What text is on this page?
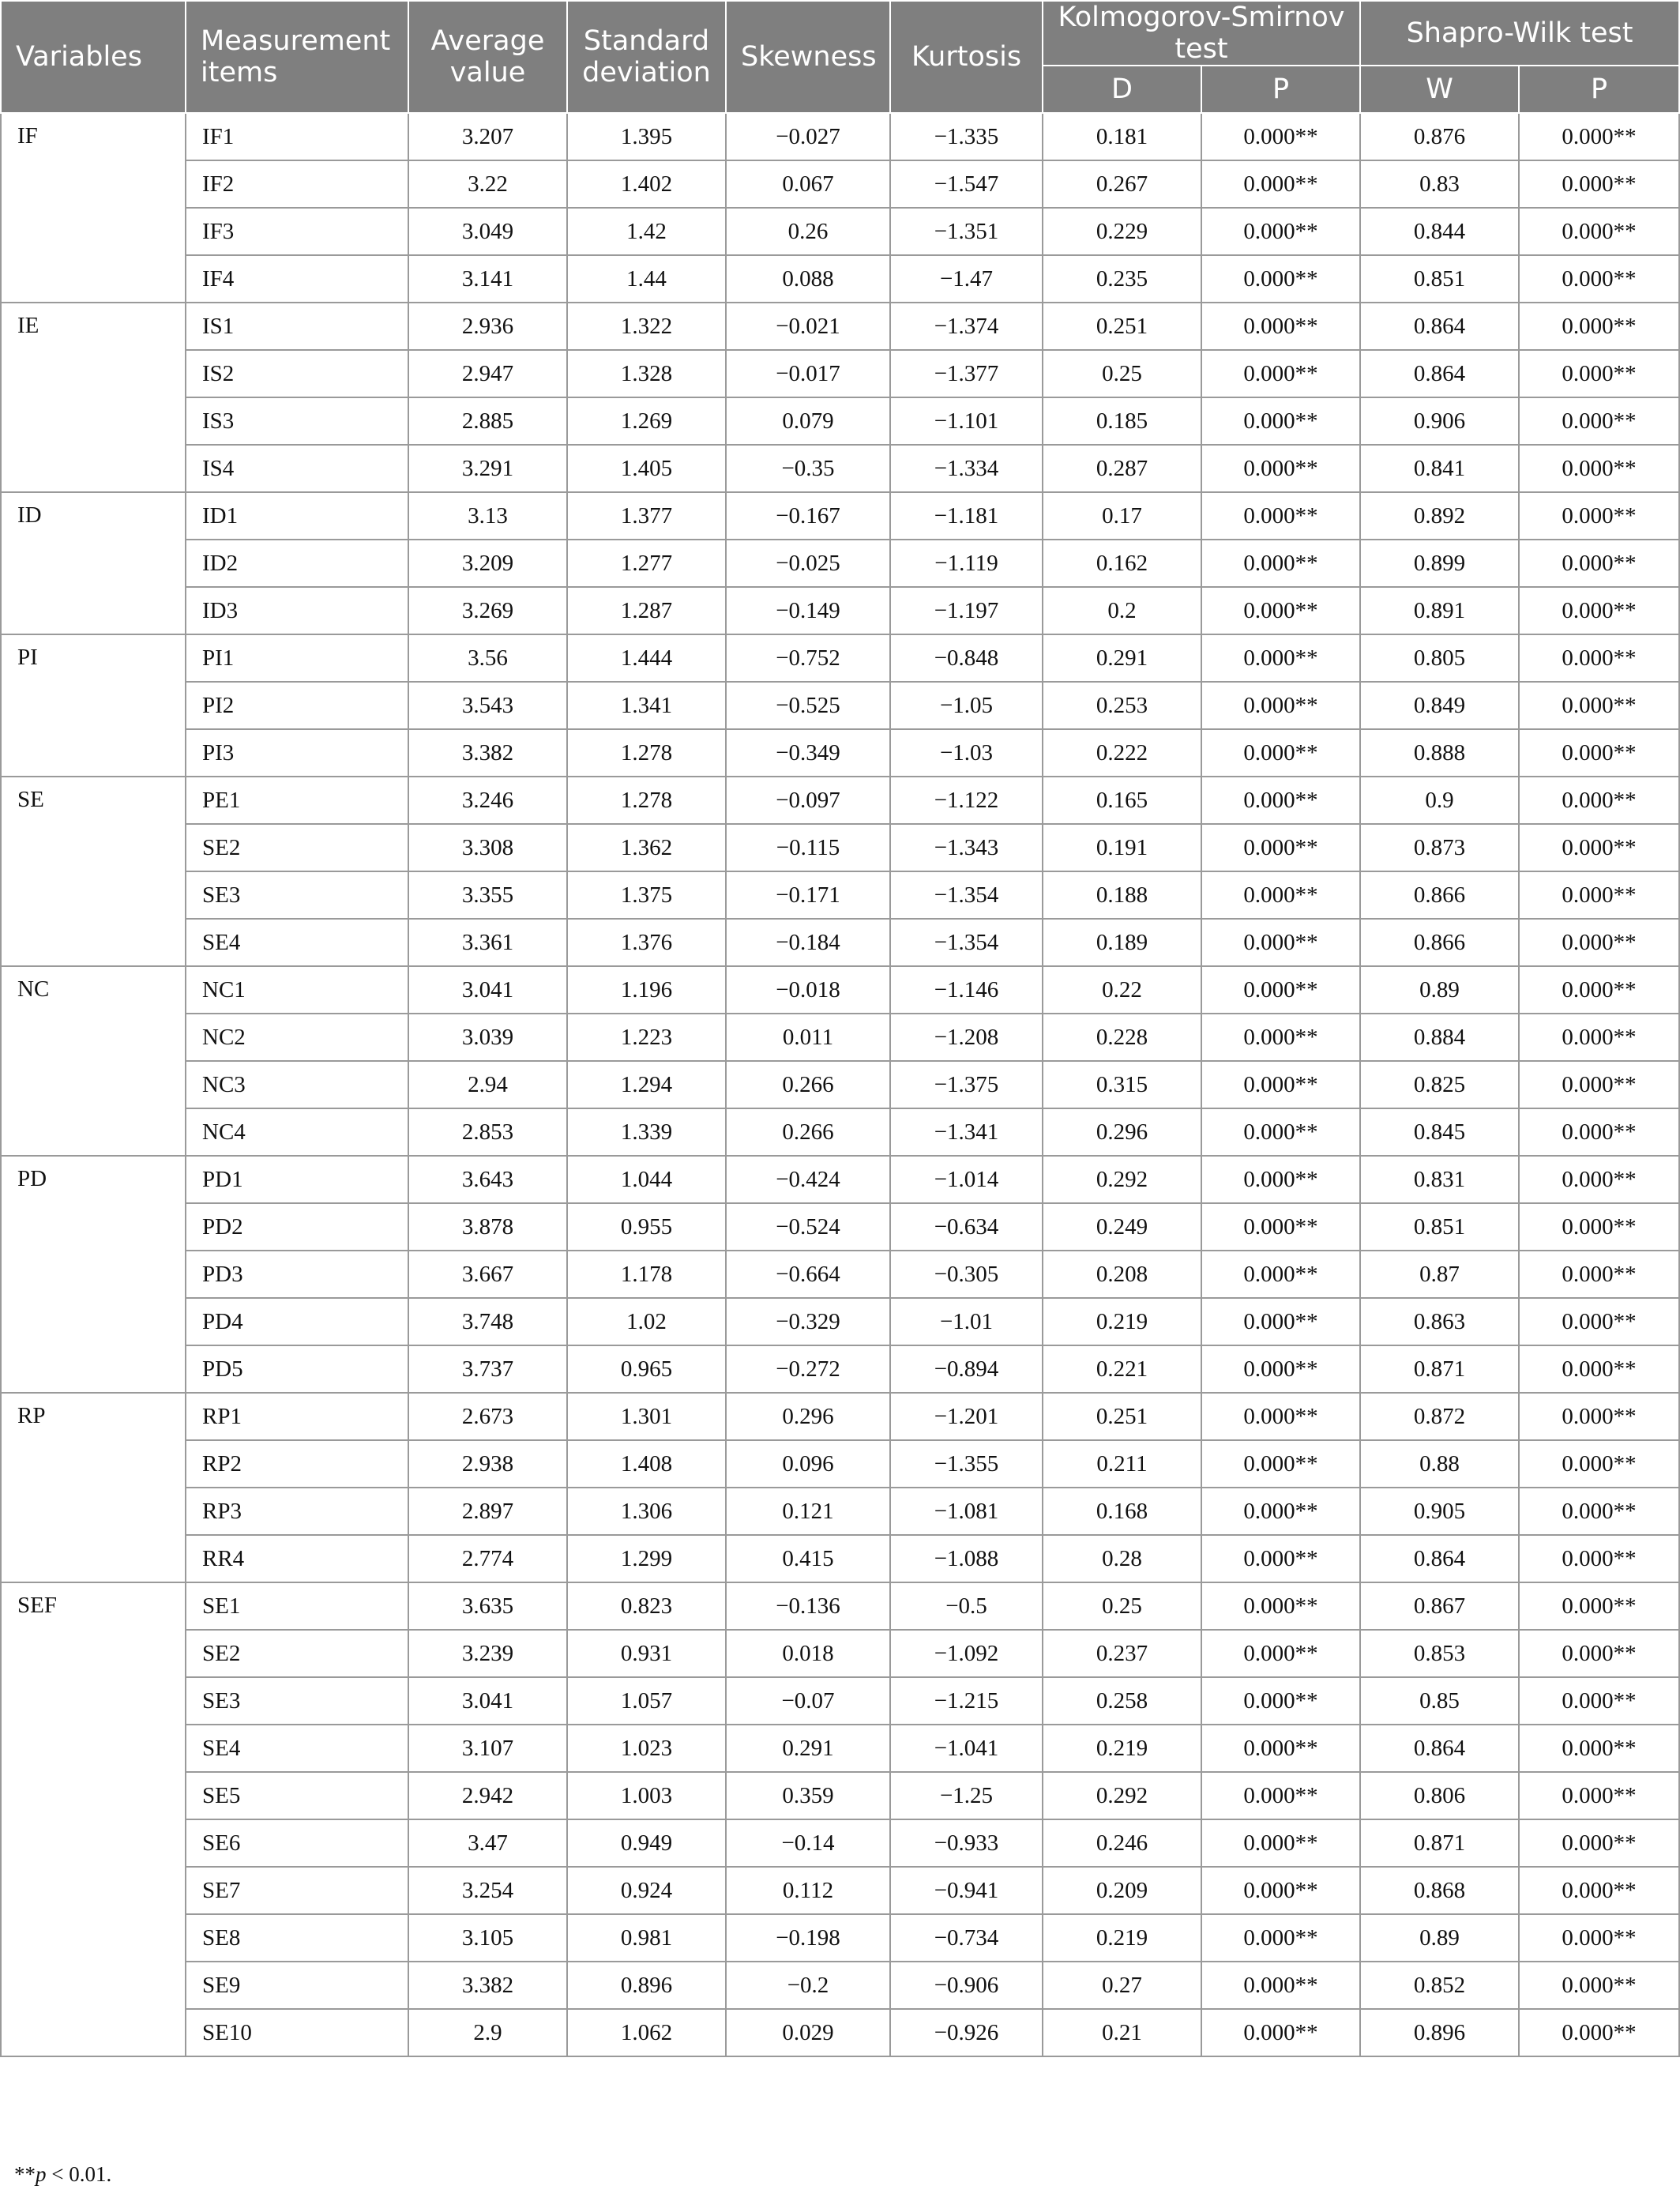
Variables	Measurement items	Average value	Standard deviation	Skewness	Kurtosis	Kolmogorov-Smirnov test		Shapro-Wilk test	
						D	P	W	P
IF	IF1	3.207	1.395	−0.027	−1.335	0.181	0.000**	0.876	0.000**
	IF2	3.22	1.402	0.067	−1.547	0.267	0.000**	0.83	0.000**
	IF3	3.049	1.42	0.26	−1.351	0.229	0.000**	0.844	0.000**
	IF4	3.141	1.44	0.088	−1.47	0.235	0.000**	0.851	0.000**
IE	IS1	2.936	1.322	−0.021	−1.374	0.251	0.000**	0.864	0.000**
	IS2	2.947	1.328	−0.017	−1.377	0.25	0.000**	0.864	0.000**
	IS3	2.885	1.269	0.079	−1.101	0.185	0.000**	0.906	0.000**
	IS4	3.291	1.405	−0.35	−1.334	0.287	0.000**	0.841	0.000**
ID	ID1	3.13	1.377	−0.167	−1.181	0.17	0.000**	0.892	0.000**
	ID2	3.209	1.277	−0.025	−1.119	0.162	0.000**	0.899	0.000**
	ID3	3.269	1.287	−0.149	−1.197	0.2	0.000**	0.891	0.000**
PI	PI1	3.56	1.444	−0.752	−0.848	0.291	0.000**	0.805	0.000**
	PI2	3.543	1.341	−0.525	−1.05	0.253	0.000**	0.849	0.000**
	PI3	3.382	1.278	−0.349	−1.03	0.222	0.000**	0.888	0.000**
SE	PE1	3.246	1.278	−0.097	−1.122	0.165	0.000**	0.9	0.000**
	SE2	3.308	1.362	−0.115	−1.343	0.191	0.000**	0.873	0.000**
	SE3	3.355	1.375	−0.171	−1.354	0.188	0.000**	0.866	0.000**
	SE4	3.361	1.376	−0.184	−1.354	0.189	0.000**	0.866	0.000**
NC	NC1	3.041	1.196	−0.018	−1.146	0.22	0.000**	0.89	0.000**
	NC2	3.039	1.223	0.011	−1.208	0.228	0.000**	0.884	0.000**
	NC3	2.94	1.294	0.266	−1.375	0.315	0.000**	0.825	0.000**
	NC4	2.853	1.339	0.266	−1.341	0.296	0.000**	0.845	0.000**
PD	PD1	3.643	1.044	−0.424	−1.014	0.292	0.000**	0.831	0.000**
	PD2	3.878	0.955	−0.524	−0.634	0.249	0.000**	0.851	0.000**
	PD3	3.667	1.178	−0.664	−0.305	0.208	0.000**	0.87	0.000**
	PD4	3.748	1.02	−0.329	−1.01	0.219	0.000**	0.863	0.000**
	PD5	3.737	0.965	−0.272	−0.894	0.221	0.000**	0.871	0.000**
RP	RP1	2.673	1.301	0.296	−1.201	0.251	0.000**	0.872	0.000**
	RP2	2.938	1.408	0.096	−1.355	0.211	0.000**	0.88	0.000**
	RP3	2.897	1.306	0.121	−1.081	0.168	0.000**	0.905	0.000**
	RR4	2.774	1.299	0.415	−1.088	0.28	0.000**	0.864	0.000**
SEF	SE1	3.635	0.823	−0.136	−0.5	0.25	0.000**	0.867	0.000**
	SE2	3.239	0.931	0.018	−1.092	0.237	0.000**	0.853	0.000**
	SE3	3.041	1.057	−0.07	−1.215	0.258	0.000**	0.85	0.000**
	SE4	3.107	1.023	0.291	−1.041	0.219	0.000**	0.864	0.000**
	SE5	2.942	1.003	0.359	−1.25	0.292	0.000**	0.806	0.000**
	SE6	3.47	0.949	−0.14	−0.933	0.246	0.000**	0.871	0.000**
	SE7	3.254	0.924	0.112	−0.941	0.209	0.000**	0.868	0.000**
	SE8	3.105	0.981	−0.198	−0.734	0.219	0.000**	0.89	0.000**
	SE9	3.382	0.896	−0.2	−0.906	0.27	0.000**	0.852	0.000**
	SE10	2.9	1.062	0.029	−0.926	0.21	0.000**	0.896	0.000**
**p < 0.01.
